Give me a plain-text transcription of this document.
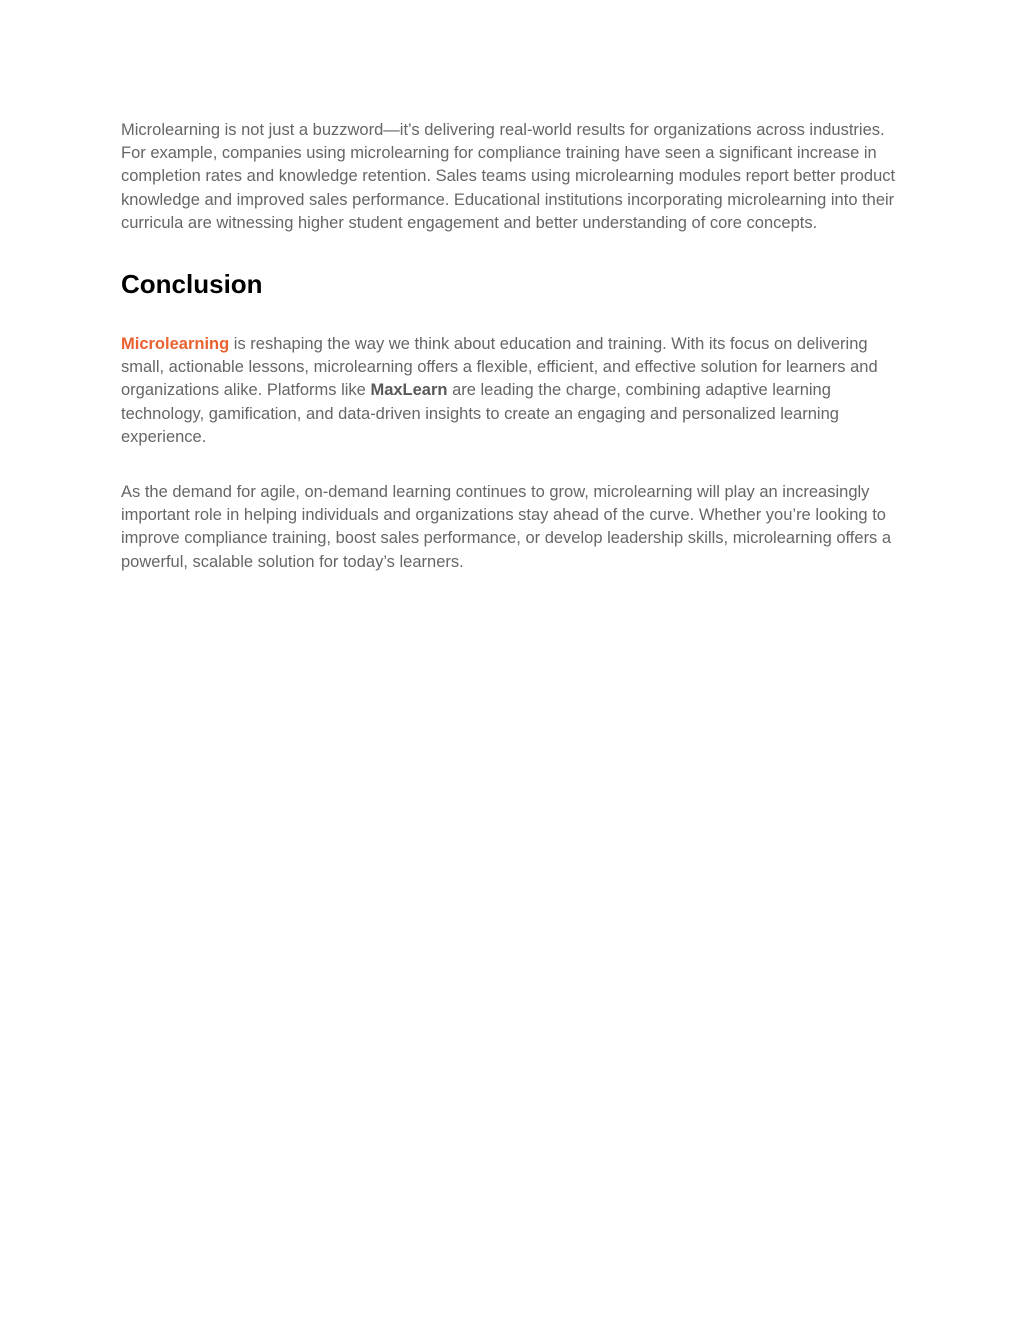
Microlearning is not just a buzzword—it’s delivering real-world results for organizations across industries. For example, companies using microlearning for compliance training have seen a significant increase in completion rates and knowledge retention. Sales teams using microlearning modules report better product knowledge and improved sales performance. Educational institutions incorporating microlearning into their curricula are witnessing higher student engagement and better understanding of core concepts.

Conclusion

Microlearning is reshaping the way we think about education and training. With its focus on delivering small, actionable lessons, microlearning offers a flexible, efficient, and effective solution for learners and organizations alike. Platforms like MaxLearn are leading the charge, combining adaptive learning technology, gamification, and data-driven insights to create an engaging and personalized learning experience.

As the demand for agile, on-demand learning continues to grow, microlearning will play an increasingly important role in helping individuals and organizations stay ahead of the curve. Whether you’re looking to improve compliance training, boost sales performance, or develop leadership skills, microlearning offers a powerful, scalable solution for today’s learners.
